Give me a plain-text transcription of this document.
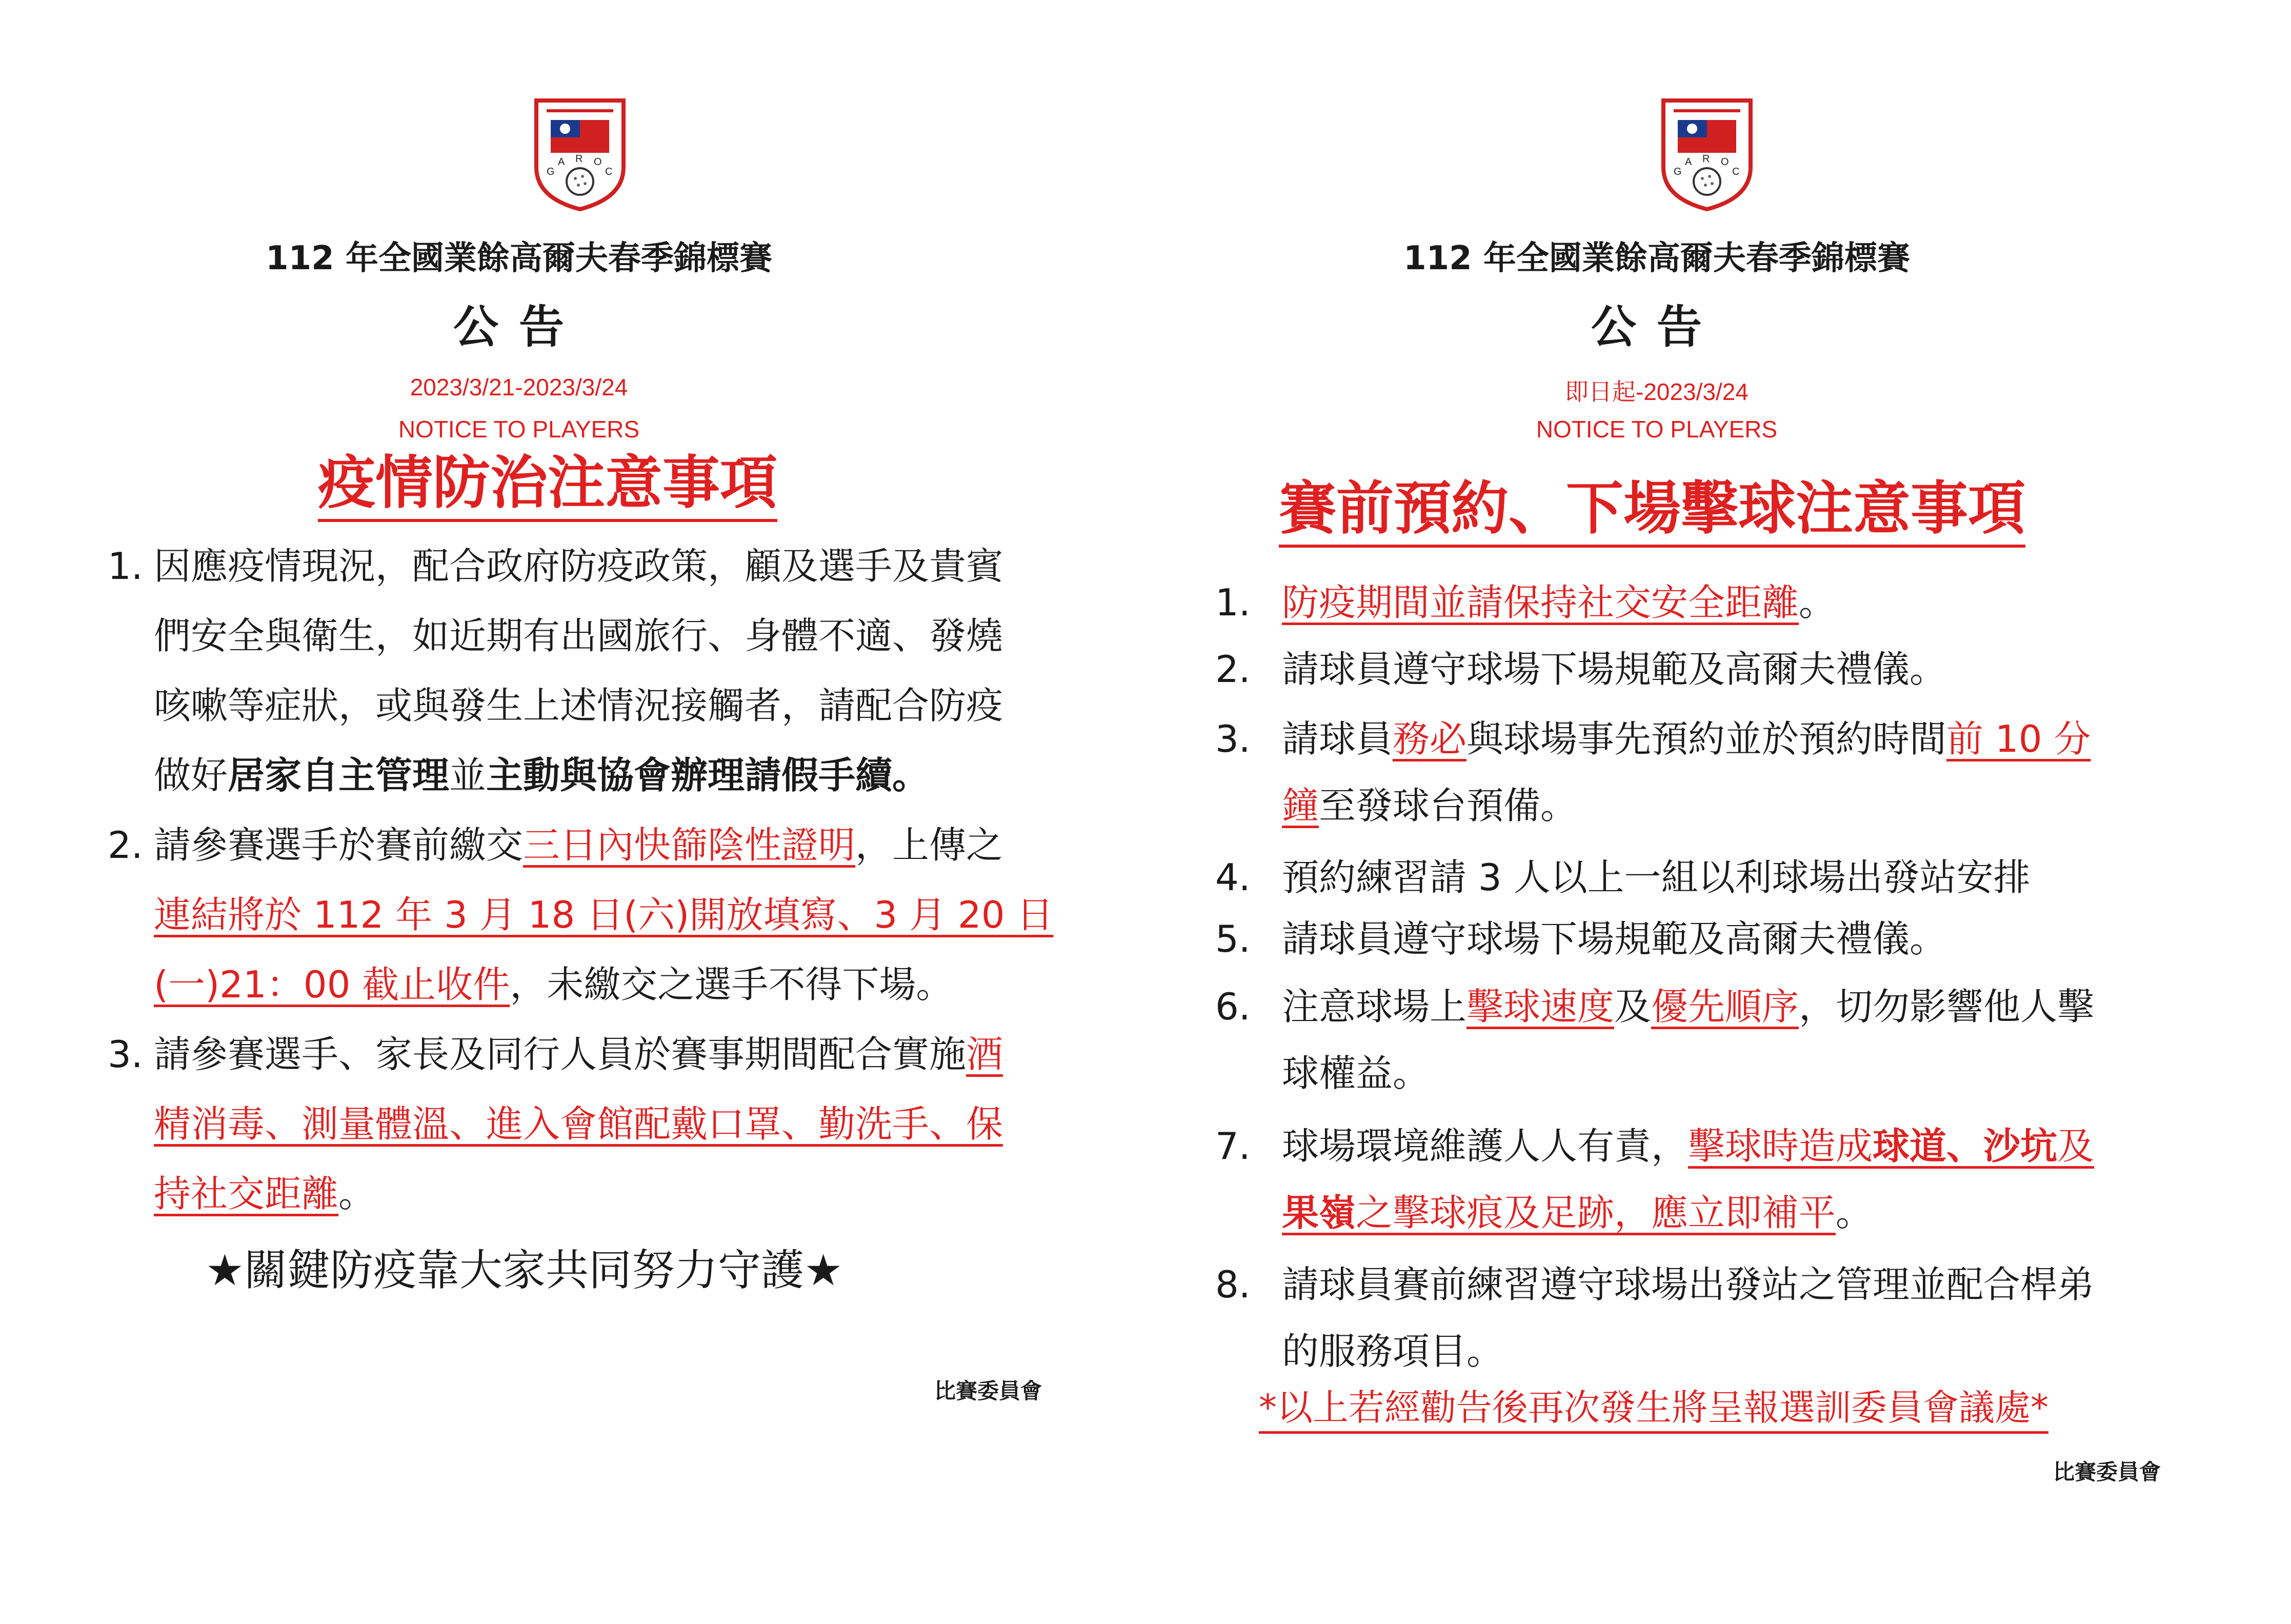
G
A R O
C
112 年全國業餘高爾夫春季錦標賽
公告
2023/3/21-2023/3/24
NOTICE TO PLAYERS
疫情防治注意事項
1. 因應疫情現況，配合政府防疫政策，顧及選手及貴賓
們安全與衛生，如近期有出國旅行、身體不適、發燒
咳嗽等症狀，或與發生上述情況接觸者，請配合防疫
做好居家自主管理並主動與協會辦理請假手續。
2. 請參賽選手於賽前繳交三日內快篩陰性證明，上傳之
連結將於 112 年 3 月 18 日(六)開放填寫、3 月 20 日
(一)21：00 截止收件，未繳交之選手不得下場。
3. 請參賽選手、家長及同行人員於賽事期間配合實施酒
精消毒、測量體溫、進入會館配戴口罩、勤洗手、保
持社交距離。
★關鍵防疫靠大家共同努力守護★
比賽委員會
G
A R O
C
112 年全國業餘高爾夫春季錦標賽
公告
即日起-2023/3/24
NOTICE TO PLAYERS
賽前預約、下場擊球注意事項
比賽委員會
1. 防疫期間並請保持社交安全距離。
2. 請球員遵守球場下場規範及高爾夫禮儀。
3. 請球員務必與球場事先預約並於預約時間前 10 分
鐘至發球台預備。
4. 預約練習請 3 人以上一組以利球場出發站安排
5. 請球員遵守球場下場規範及高爾夫禮儀。
6. 注意球場上擊球速度及優先順序，切勿影響他人擊
球權益。
7. 球場環境維護人人有責，擊球時造成球道、沙坑及
果嶺之擊球痕及足跡，應立即補平。
8. 請球員賽前練習遵守球場出發站之管理並配合桿弟
的服務項目。
*以上若經勸告後再次發生將呈報選訓委員會議處*
